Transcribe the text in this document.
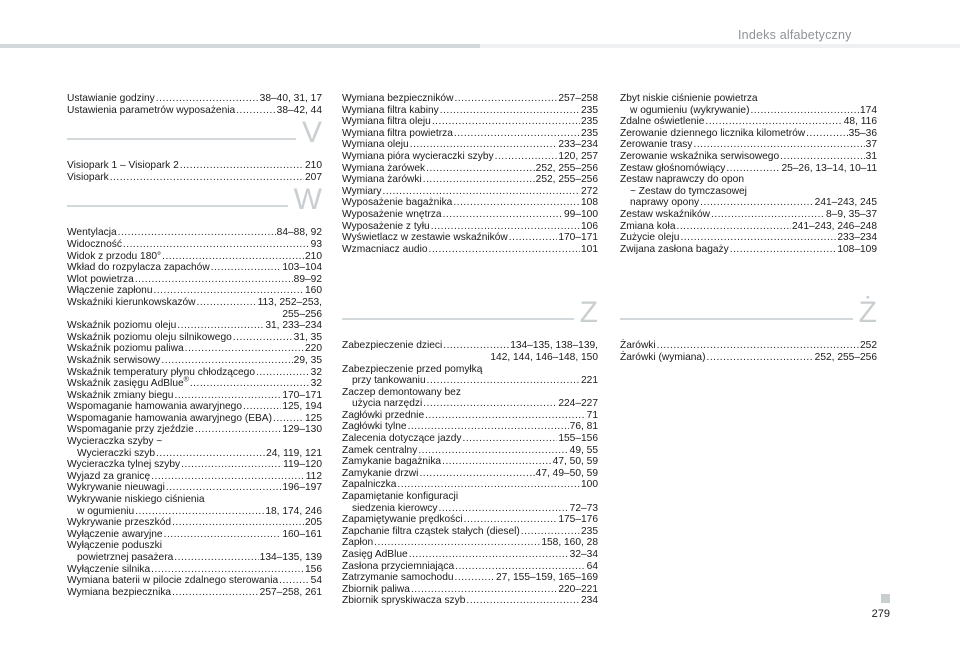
Indeks alfabetyczny
Ustawianie godziny .....	38–40, 31, 17
Ustawienia parametrów wyposażenia .....	38–42, 44
V
Visiopark 1 – Visiopark 2 .....	210
Visiopark .....	207
W
Wentylacja .....	84–88, 92
Widoczność .....	93
Widok z przodu 180° .....	210
Wkład do rozpylacza zapachów .....	103–104
Wlot powietrza .....	89–92
Włączenie zapłonu .....	160
Wskaźniki kierunkowskazów .....	113, 252–253,
255–256
Wskaźnik poziomu oleju .....	31, 233–234
Wskaźnik poziomu oleju silnikowego .....	31, 35
Wskaźnik poziomu paliwa .....	220
Wskaźnik serwisowy .....	29, 35
Wskaźnik temperatury płynu chłodzącego .....	32
Wskaźnik zasięgu AdBlue® .....	32
Wskaźnik zmiany biegu .....	170–171
Wspomaganie hamowania awaryjnego .....	125, 194
Wspomaganie hamowania awaryjnego (EBA) .....	125
Wspomaganie przy zjeździe .....	129–130
Wycieraczka szyby ~
Wycieraczki szyb .....	24, 119, 121
Wycieraczka tylnej szyby .....	119–120
Wyjazd za granicę .....	112
Wykrywanie nieuwagi .....	196–197
Wykrywanie niskiego ciśnienia
w ogumieniu .....	18, 174, 246
Wykrywanie przeszkód .....	205
Wyłączenie awaryjne .....	160–161
Wyłączenie poduszki
powietrznej pasażera .....	134–135, 139
Wyłączenie silnika .....	156
Wymiana baterii w pilocie zdalnego sterowania .....	54
Wymiana bezpiecznika .....	257–258, 261
Wymiana bezpieczników .....	257–258
Wymiana filtra kabiny .....	235
Wymiana filtra oleju .....	235
Wymiana filtra powietrza .....	235
Wymiana oleju .....	233–234
Wymiana pióra wycieraczki szyby .....	120, 257
Wymiana żarówek .....	252, 255–256
Wymiana żarówki .....	252, 255–256
Wymiary .....	272
Wyposażenie bagażnika .....	108
Wyposażenie wnętrza .....	99–100
Wyposażenie z tyłu .....	106
Wyświetlacz w zestawie wskaźników .....	170–171
Wzmacniacz audio .....	101
Z
Zabezpieczenie dzieci .....	134–135, 138–139,
142, 144, 146–148, 150
Zabezpieczenie przed pomyłką
przy tankowaniu .....	221
Zaczep demontowany bez
użycia narzędzi .....	224–227
Zagłówki przednie .....	71
Zagłówki tylne .....	76, 81
Zalecenia dotyczące jazdy .....	155–156
Zamek centralny .....	49, 55
Zamykanie bagażnika .....	47, 50, 59
Zamykanie drzwi .....	47, 49–50, 59
Zapalniczka .....	100
Zapamiętanie konfiguracji
siedzenia kierowcy .....	72–73
Zapamiętywanie prędkości .....	175–176
Zapchanie filtra cząstek stałych (diesel) .....	235
Zapłon .....	158, 160, 28
Zasięg AdBlue .....	32–34
Zasłona przyciemniająca .....	64
Zatrzymanie samochodu .....	27, 155–159, 165–169
Zbiornik paliwa .....	220–221
Zbiornik spryskiwacza szyb .....	234
Zbyt niskie ciśnienie powietrza
w ogumieniu (wykrywanie) .....	174
Zdalne oświetlenie .....	48, 116
Zerowanie dziennego licznika kilometrów .....	35–36
Zerowanie trasy .....	37
Zerowanie wskaźnika serwisowego .....	31
Zestaw głośnomówiący .....	25–26, 13–14, 10–11
Zestaw naprawczy do opon
~ Zestaw do tymczasowej
naprawy opony .....	241–243, 245
Zestaw wskaźników .....	8–9, 35–37
Zmiana koła .....	241–243, 246–248
Zużycie oleju .....	233–234
Zwijana zasłona bagaży .....	108–109
Ż
Żarówki .....	252
Żarówki (wymiana) .....	252, 255–256
279
